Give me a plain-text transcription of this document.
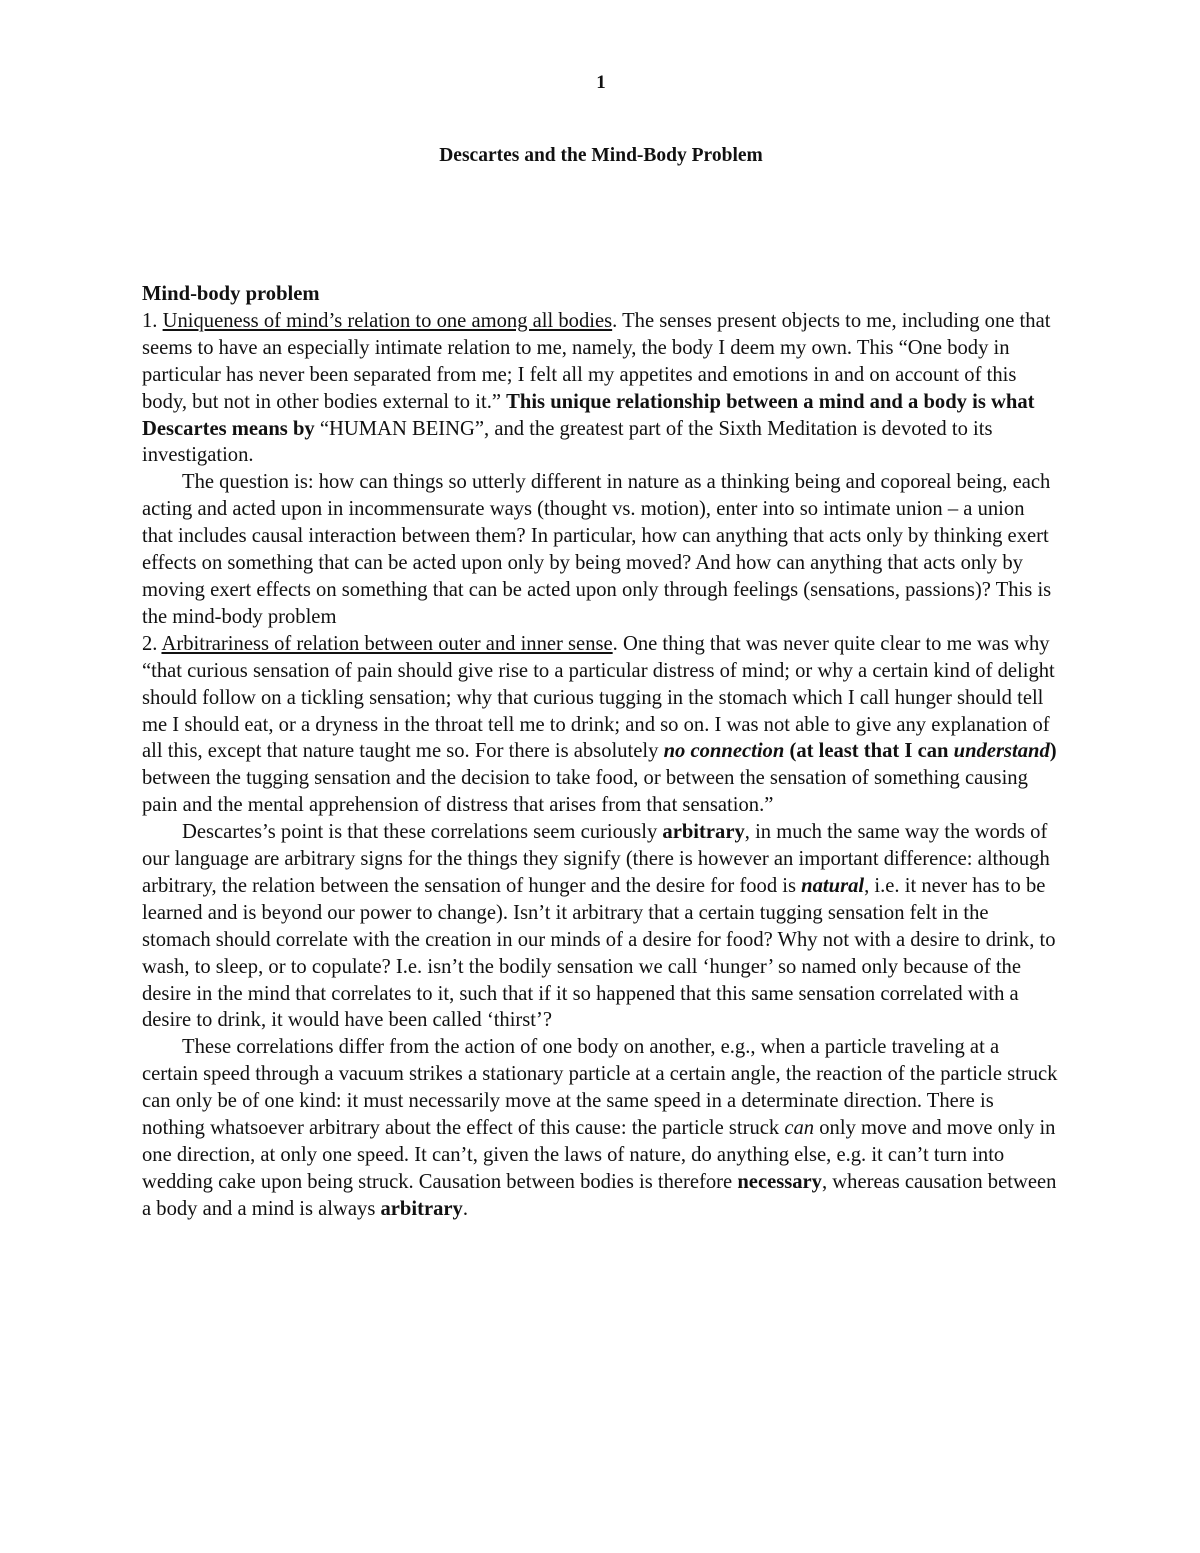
1
Descartes and the Mind-Body Problem
Mind-body problem

1. Uniqueness of mind’s relation to one among all bodies. The senses present objects to me, including one that seems to have an especially intimate relation to me, namely, the body I deem my own. This “One body in particular has never been separated from me; I felt all my appetites and emotions in and on account of this body, but not in other bodies external to it.” This unique relationship between a mind and a body is what Descartes means by “HUMAN BEING”, and the greatest part of the Sixth Meditation is devoted to its investigation.

The question is: how can things so utterly different in nature as a thinking being and coporeal being, each acting and acted upon in incommensurate ways (thought vs. motion), enter into so intimate union – a union that includes causal interaction between them? In particular, how can anything that acts only by thinking exert effects on something that can be acted upon only by being moved? And how can anything that acts only by moving exert effects on something that can be acted upon only through feelings (sensations, passions)? This is the mind-body problem

2. Arbitrariness of relation between outer and inner sense. One thing that was never quite clear to me was why “that curious sensation of pain should give rise to a particular distress of mind; or why a certain kind of delight should follow on a tickling sensation; why that curious tugging in the stomach which I call hunger should tell me I should eat, or a dryness in the throat tell me to drink; and so on. I was not able to give any explanation of all this, except that nature taught me so. For there is absolutely no connection (at least that I can understand) between the tugging sensation and the decision to take food, or between the sensation of something causing pain and the mental apprehension of distress that arises from that sensation.”

Descartes’s point is that these correlations seem curiously arbitrary, in much the same way the words of our language are arbitrary signs for the things they signify (there is however an important difference: although arbitrary, the relation between the sensation of hunger and the desire for food is natural, i.e. it never has to be learned and is beyond our power to change). Isn’t it arbitrary that a certain tugging sensation felt in the stomach should correlate with the creation in our minds of a desire for food? Why not with a desire to drink, to wash, to sleep, or to copulate? I.e. isn’t the bodily sensation we call ‘hunger’ so named only because of the desire in the mind that correlates to it, such that if it so happened that this same sensation correlated with a desire to drink, it would have been called ‘thirst’?

These correlations differ from the action of one body on another, e.g., when a particle traveling at a certain speed through a vacuum strikes a stationary particle at a certain angle, the reaction of the particle struck can only be of one kind: it must necessarily move at the same speed in a determinate direction. There is nothing whatsoever arbitrary about the effect of this cause: the particle struck can only move and move only in one direction, at only one speed. It can’t, given the laws of nature, do anything else, e.g. it can’t turn into wedding cake upon being struck. Causation between bodies is therefore necessary, whereas causation between a body and a mind is always arbitrary.
